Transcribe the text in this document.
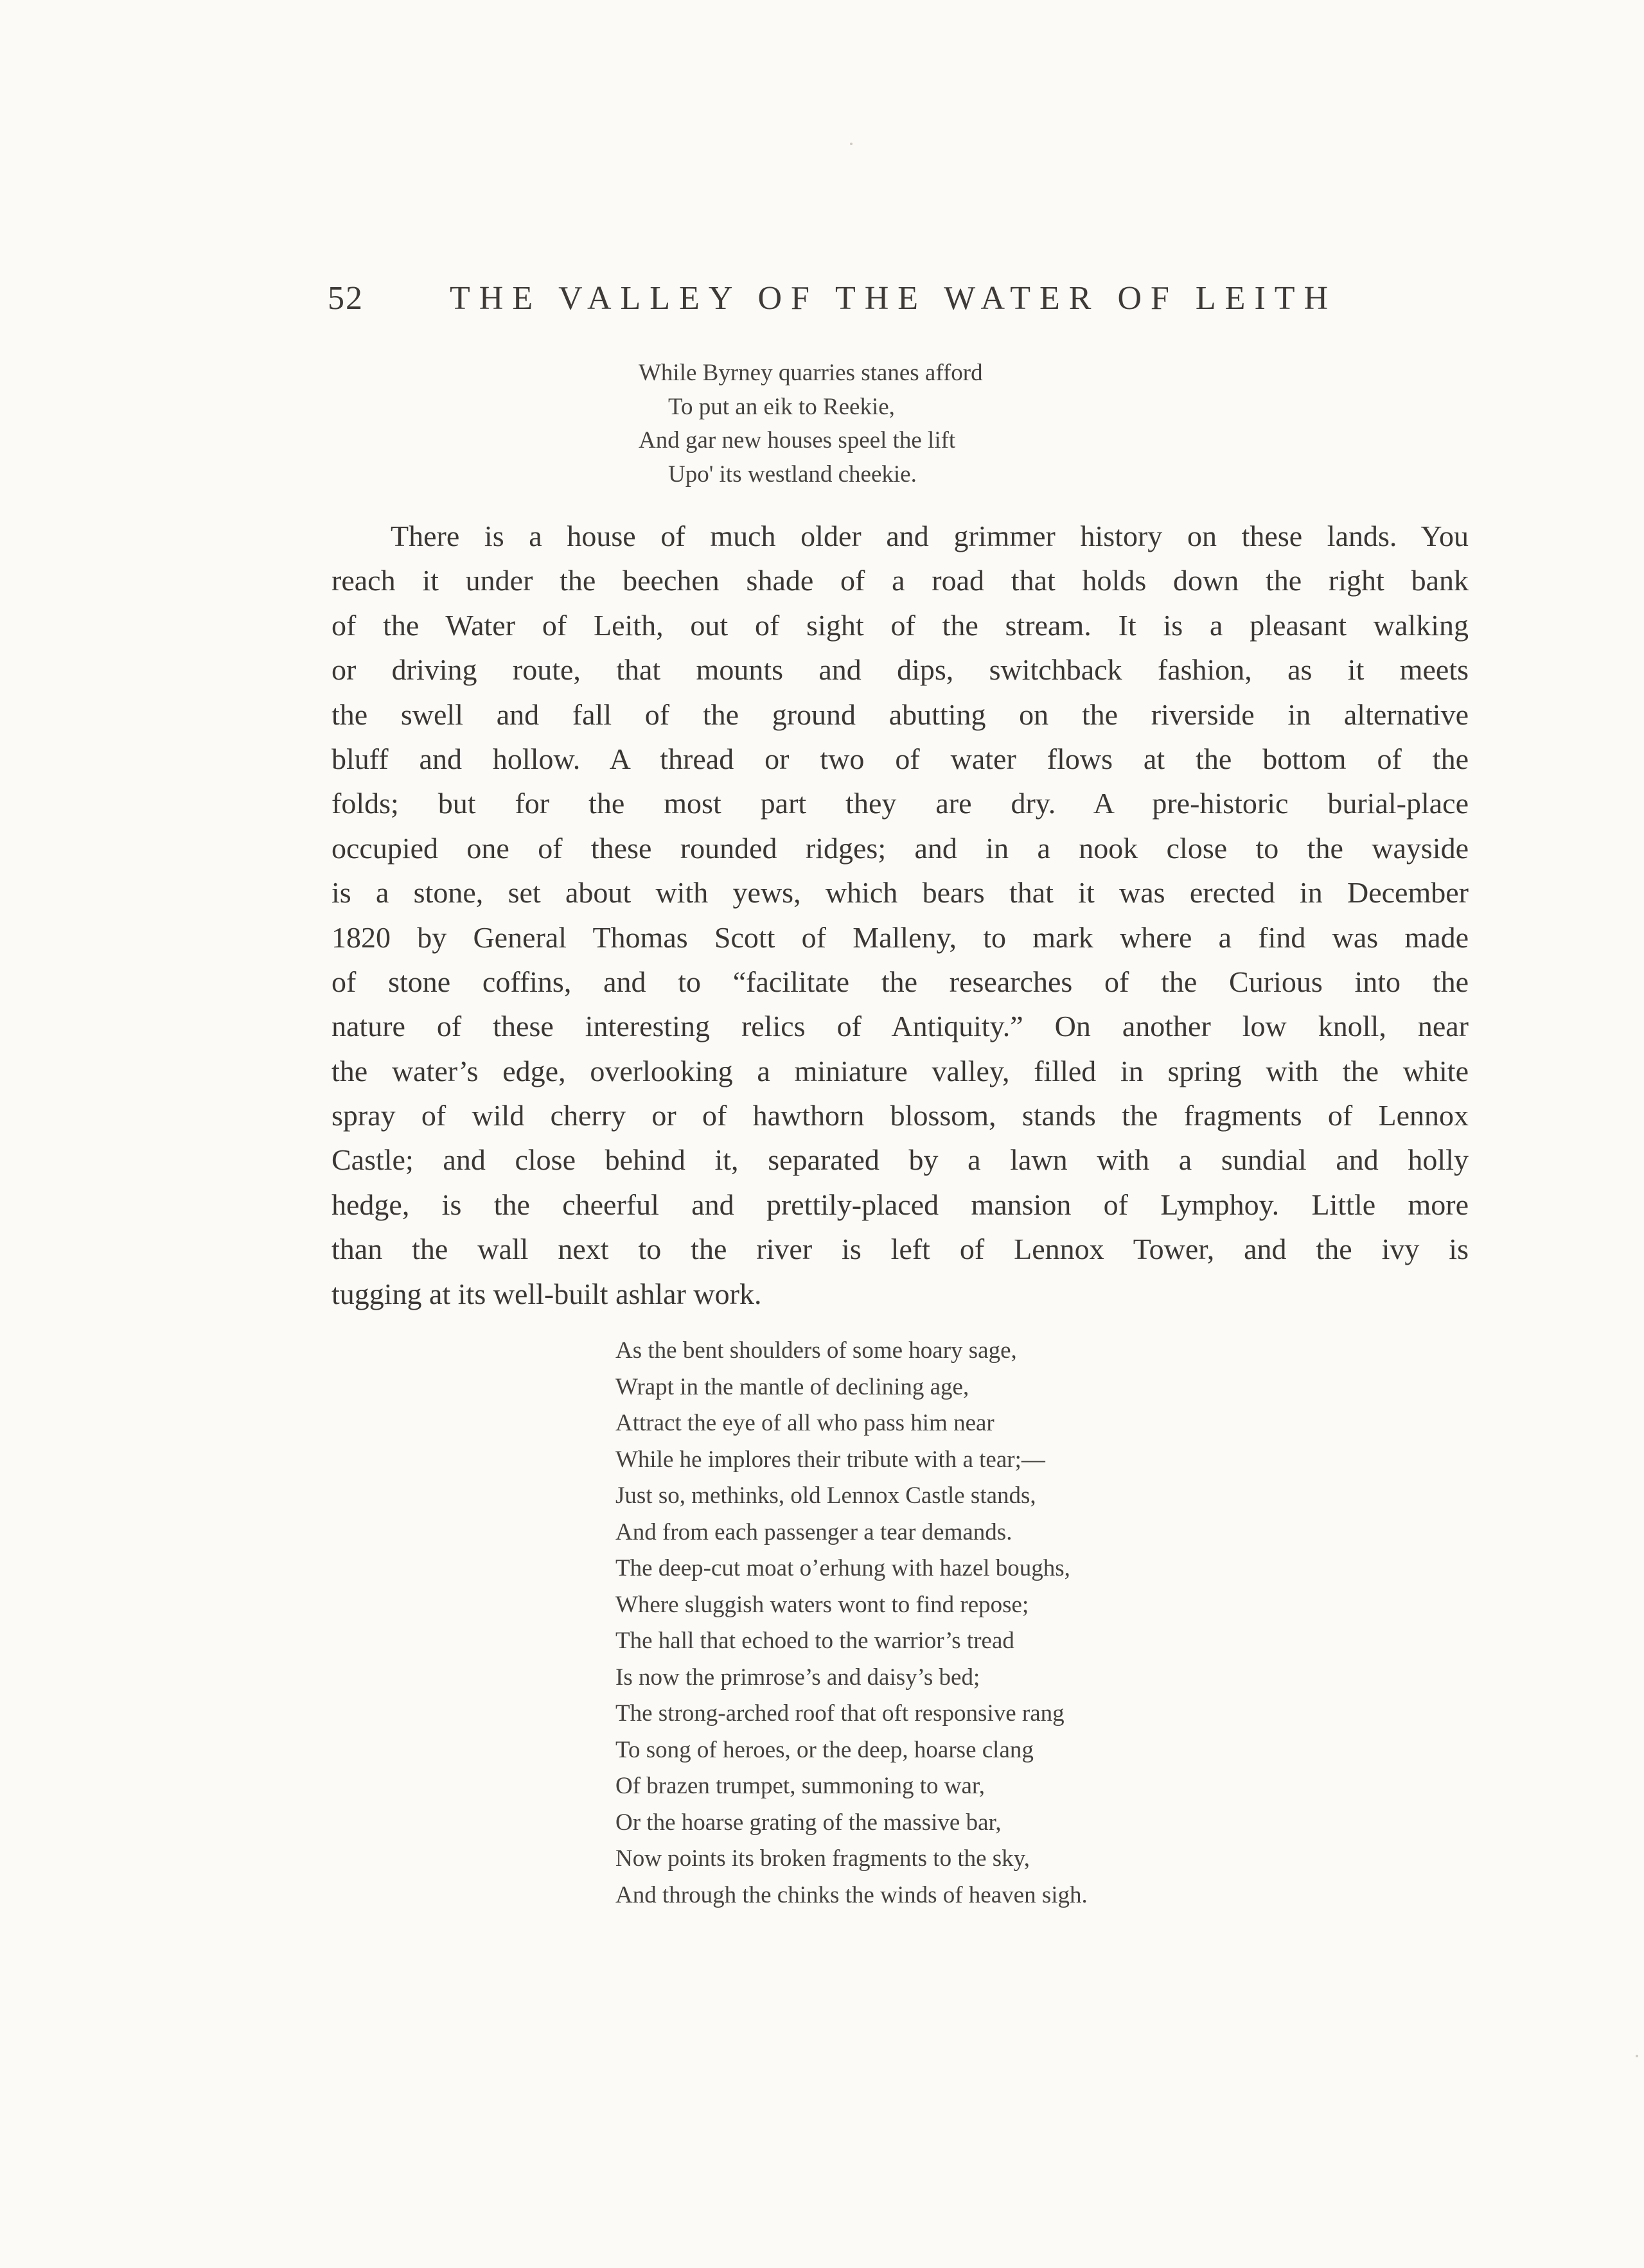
52	THE VALLEY OF THE WATER OF LEITH
While Byrney quarries stanes afford
To put an eik to Reekie,
And gar new houses speel the lift
Upo' its westland cheekie.
There is a house of much older and grimmer history on these lands. You
reach it under the beechen shade of a road that holds down the right bank
of the Water of Leith, out of sight of the stream. It is a pleasant walking
or driving route, that mounts and dips, switchback fashion, as it meets
the swell and fall of the ground abutting on the riverside in alternative
bluff and hollow. A thread or two of water flows at the bottom of the
folds; but for the most part they are dry. A pre-historic burial-place
occupied one of these rounded ridges; and in a nook close to the wayside
is a stone, set about with yews, which bears that it was erected in December
1820 by General Thomas Scott of Malleny, to mark where a find was made
of stone coffins, and to “facilitate the researches of the Curious into the
nature of these interesting relics of Antiquity.” On another low knoll, near
the water’s edge, overlooking a miniature valley, filled in spring with the white
spray of wild cherry or of hawthorn blossom, stands the fragments of Lennox
Castle; and close behind it, separated by a lawn with a sundial and holly
hedge, is the cheerful and prettily-placed mansion of Lymphoy. Little more
than the wall next to the river is left of Lennox Tower, and the ivy is
tugging at its well-built ashlar work.
As the bent shoulders of some hoary sage,
Wrapt in the mantle of declining age,
Attract the eye of all who pass him near
While he implores their tribute with a tear;—
Just so, methinks, old Lennox Castle stands,
And from each passenger a tear demands.
The deep-cut moat o’erhung with hazel boughs,
Where sluggish waters wont to find repose;
The hall that echoed to the warrior’s tread
Is now the primrose’s and daisy’s bed;
The strong-arched roof that oft responsive rang
To song of heroes, or the deep, hoarse clang
Of brazen trumpet, summoning to war,
Or the hoarse grating of the massive bar,
Now points its broken fragments to the sky,
And through the chinks the winds of heaven sigh.
